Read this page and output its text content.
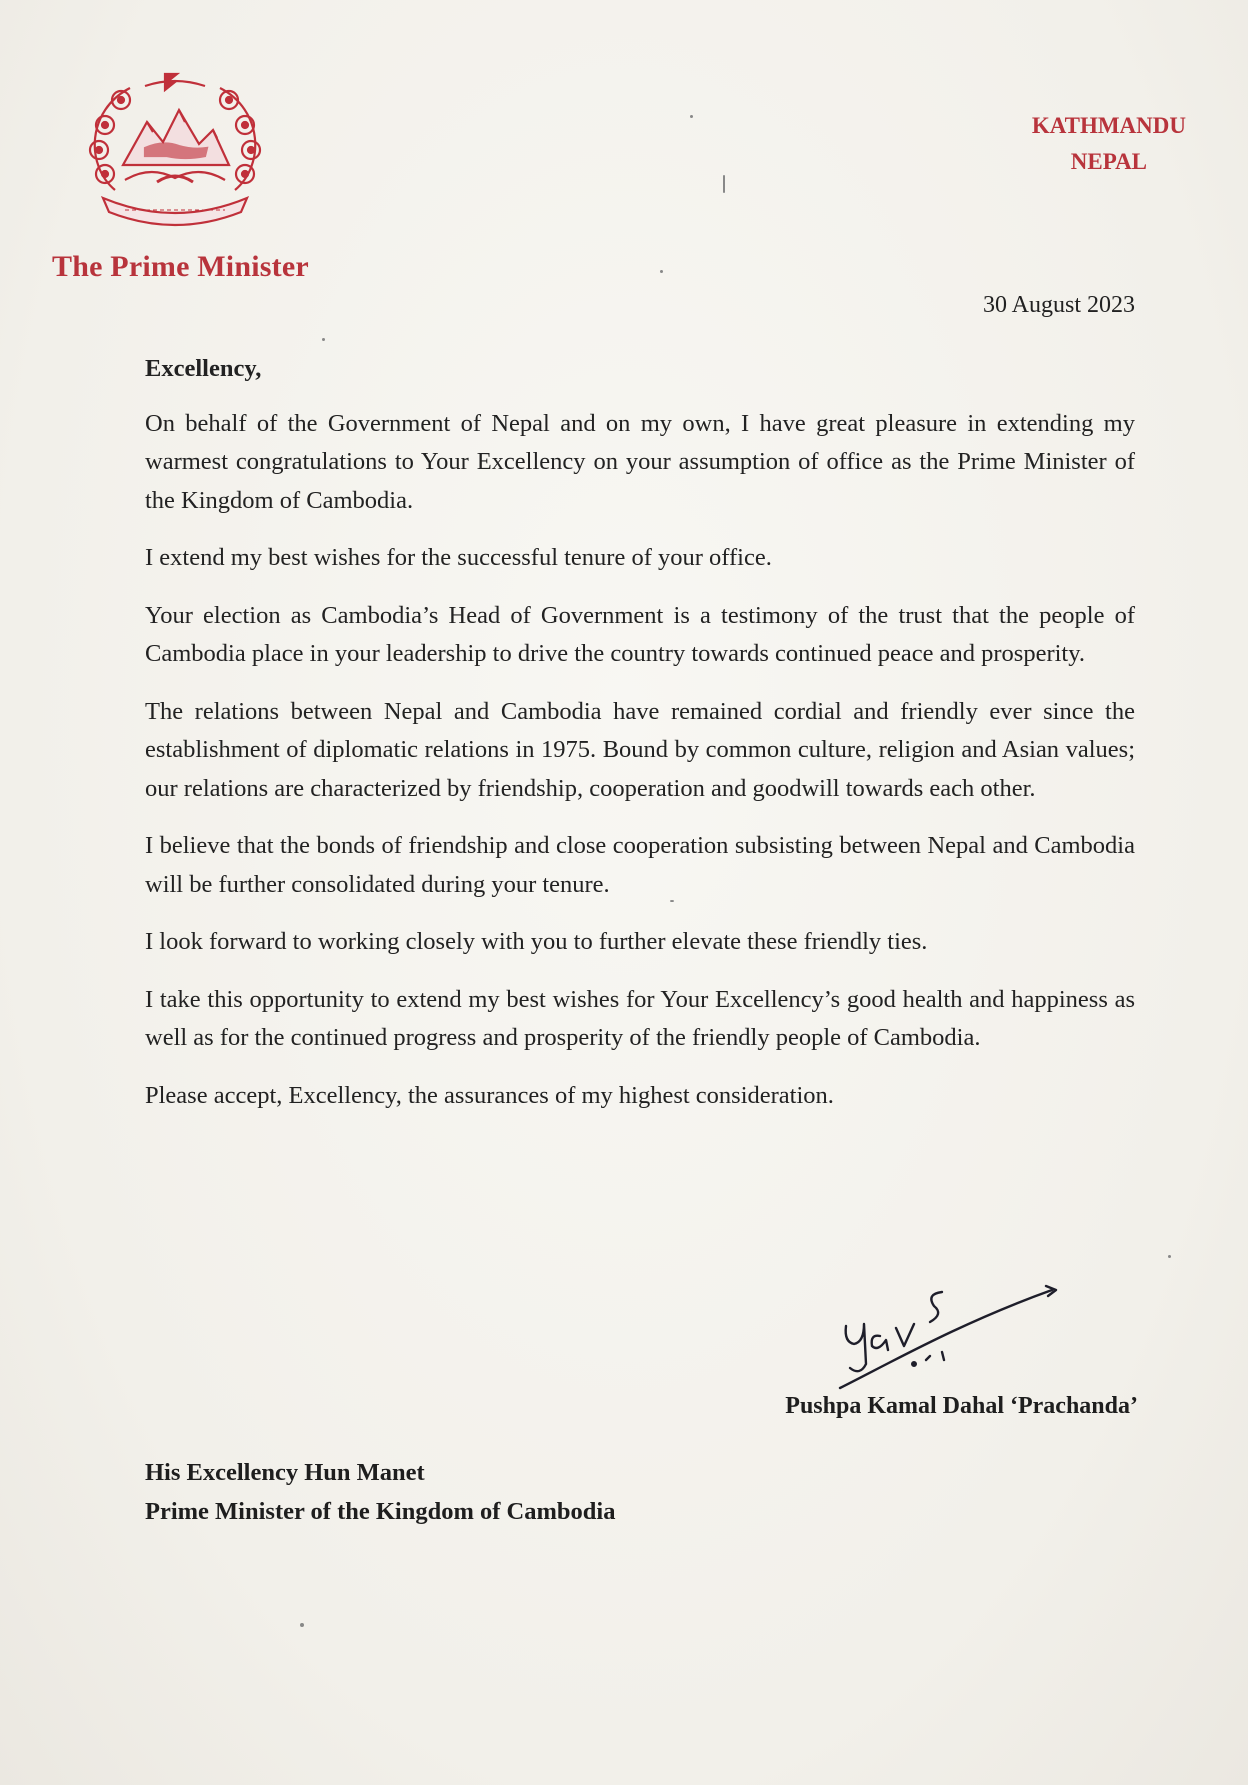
The Prime Minister
KATHMANDU
NEPAL
30 August 2023
Excellency,

On behalf of the Government of Nepal and on my own, I have great pleasure in extending my warmest congratulations to Your Excellency on your assumption of office as the Prime Minister of the Kingdom of Cambodia.

I extend my best wishes for the successful tenure of your office.

Your election as Cambodia’s Head of Government is a testimony of the trust that the people of Cambodia place in your leadership to drive the country towards continued peace and prosperity.

The relations between Nepal and Cambodia have remained cordial and friendly ever since the establishment of diplomatic relations in 1975. Bound by common culture, religion and Asian values; our relations are characterized by friendship, cooperation and goodwill towards each other.

I believe that the bonds of friendship and close cooperation subsisting between Nepal and Cambodia will be further consolidated during your tenure.

I look forward to working closely with you to further elevate these friendly ties.

I take this opportunity to extend my best wishes for Your Excellency’s good health and happiness as well as for the continued progress and prosperity of the friendly people of Cambodia.

Please accept, Excellency, the assurances of my highest consideration.

Pushpa Kamal Dahal ‘Prachanda’
His Excellency Hun Manet
Prime Minister of the Kingdom of Cambodia
